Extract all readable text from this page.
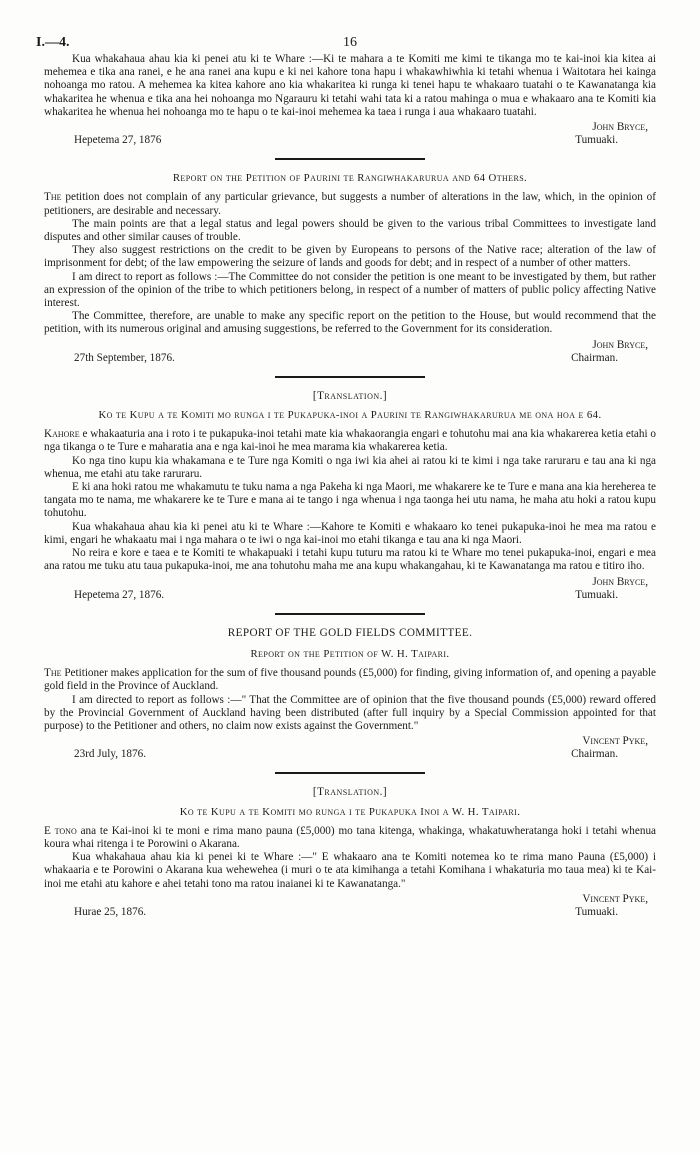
I.—4.	16

Kua whakahaua ahau kia ki penei atu ki te Whare :—Ki te mahara a te Komiti me kimi te tikanga mo te kai-inoi kia kitea ai mehemea e tika ana ranei, e he ana ranei ana kupu e ki nei kahore tona hapu i whakawhiwhia ki tetahi whenua i Waitotara hei kainga nohoanga mo ratou. A mehemea ka kitea kahore ano kia whakaritea ki runga ki tenei hapu te whakaaro tuatahi o te Kawanatanga kia whakaritea he whenua e tika ana hei nohoanga mo Ngarauru ki tetahi wahi tata ki a ratou mahinga o mua e whakaaro ana te Komiti kia whakaritea he whenua hei nohoanga mo te hapu o te kai-inoi mehemea ka taea i runga i aua whakaaro tuatahi.

John Bryce,
Hepetema 27, 1876	Tumuaki.
Report on the Petition of Paurini te Rangiwhakaruruа and 64 Others.

The petition does not complain of any particular grievance, but suggests a number of alterations in the law, which, in the opinion of petitioners, are desirable and necessary.

The main points are that a legal status and legal powers should be given to the various tribal Committees to investigate land disputes and other similar causes of trouble.

They also suggest restrictions on the credit to be given by Europeans to persons of the Native race; alteration of the law of imprisonment for debt; of the law empowering the seizure of lands and goods for debt; and in respect of a number of other matters.

I am direct to report as follows :—The Committee do not consider the petition is one meant to be investigated by them, but rather an expression of the opinion of the tribe to which petitioners belong, in respect of a number of matters of public policy affecting Native interest.

The Committee, therefore, are unable to make any specific report on the petition to the House, but would recommend that the petition, with its numerous original and amusing suggestions, be referred to the Government for its consideration.

John Bryce,
27th September, 1876.	Chairman.
[Translation.]
Ko te Kupu a te Komiti mo runga i te Pukapuka-inoi a Paurini te Rangiwhakaruruа me ona hoa e 64.

Kahore e whakaaturia ana i roto i te pukapuka-inoi tetahi mate kia whakaorangia engari e tohutohu mai ana kia whakarerea ketia etahi o nga tikanga o te Ture e maharatia ana e nga kai-inoi he mea marama kia whakarerea ketia.

Ko nga tino kupu kia whakamana e te Ture nga Komiti o nga iwi kia ahei ai ratou ki te kimi i nga take raruraru e tau ana ki nga whenua, me etahi atu take raruraru.

E ki ana hoki ratou me whakamutu te tuku nama a nga Pakeha ki nga Maori, me whakarere ke te Ture e mana ana kia hereherea te tangata mo te nama, me whakarere ke te Ture e mana ai te tango i nga whenua i nga taonga hei utu nama, he maha atu hoki a ratou kupu tohutohu.

Kua whakahaua ahau kia ki penei atu ki te Whare :—Kahore te Komiti e whakaaro ko tenei pukapuka-inoi he mea ma ratou e kimi, engari he whakaatu mai i nga mahara o te iwi o nga kai-inoi mo etahi tikanga e tau ana ki nga Maori.

No reira e kore e taea e te Komiti te whakapuaki i tetahi kupu tuturu ma ratou ki te Whare mo tenei pukapuka-inoi, engari e mea ana ratou me tuku atu taua pukapuka-inoi, me ana tohutohu maha me ana kupu whakangahau, ki te Kawanatanga ma ratou e titiro iho.

John Bryce,
Hepetema 27, 1876.	Tumuaki.
REPORT OF THE GOLD FIELDS COMMITTEE.
Report on the Petition of W. H. Taipari.

The Petitioner makes application for the sum of five thousand pounds (£5,000) for finding, giving information of, and opening a payable gold field in the Province of Auckland.

I am directed to report as follows :—" That the Committee are of opinion that the five thousand pounds (£5,000) reward offered by the Provincial Government of Auckland having been distributed (after full inquiry by a Special Commission appointed for that purpose) to the Petitioner and others, no claim now exists against the Government."

Vincent Pyke,
23rd July, 1876.	Chairman.
[Translation.]
Ko te Kupu a te Komiti mo runga i te Pukapuka Inoi a W. H. Taipari.

E tono ana te Kai-inoi ki te moni e rima mano pauna (£5,000) mo tana kitenga, whakinga, whakatuwheratanga hoki i tetahi whenua koura whai ritenga i te Porowini o Akarana.

Kua whakahaua ahau kia ki penei ki te Whare :—" E whakaaro ana te Komiti notemea ko te rima mano Pauna (£5,000) i whakaaria e te Porowini o Akarana kua wehewehea (i muri o te ata kimihanga a tetahi Komihana i whakaturia mo taua mea) ki te Kai-inoi me etahi atu kahore e ahei tetahi tono ma ratou inaianei ki te Kawanatanga."

Vincent Pyke,
Hurae 25, 1876.	Tumuaki.
